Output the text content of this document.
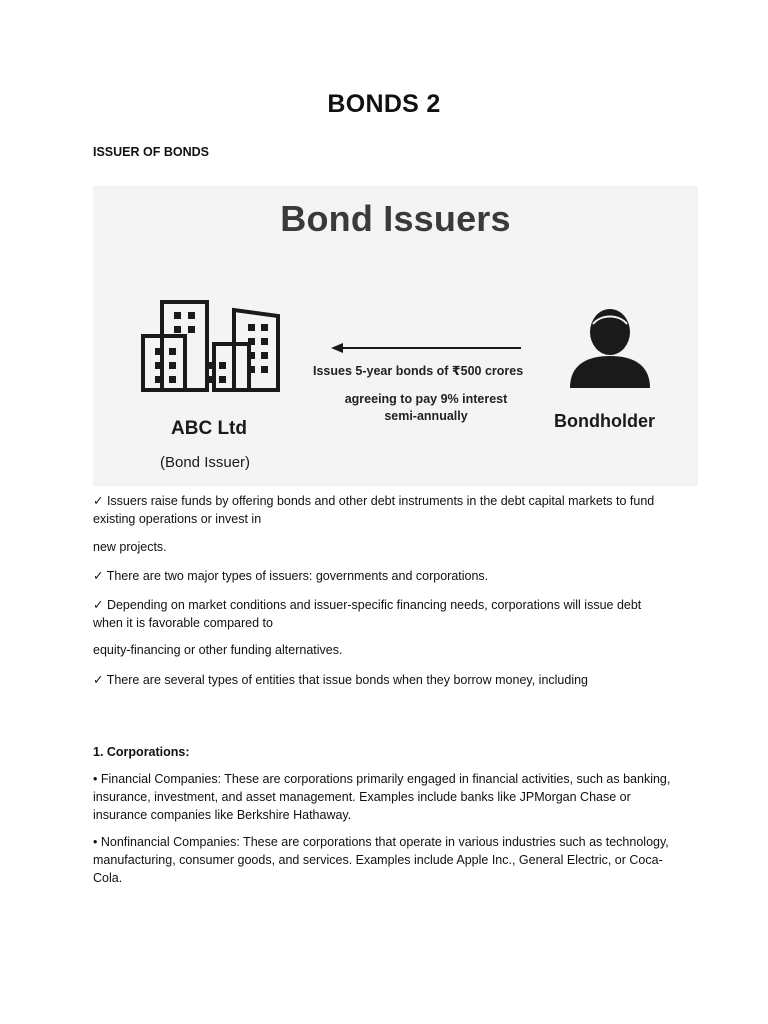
BONDS 2
ISSUER OF BONDS
Bond Issuers
ABC Ltd
(Bond Issuer)
Issues 5-year bonds of ₹500 crores
agreeing to pay 9% interest
semi-annually	Bondholder
✓ Issuers raise funds by offering bonds and other debt instruments in the debt capital markets to fund existing operations or invest in
new projects.
✓ There are two major types of issuers: governments and corporations.
✓ Depending on market conditions and issuer-specific financing needs, corporations will issue debt when it is favorable compared to
equity-financing or other funding alternatives.
✓ There are several types of entities that issue bonds when they borrow money, including
1. Corporations:
• Financial Companies: These are corporations primarily engaged in financial activities, such as banking, insurance, investment, and asset management. Examples include banks like JPMorgan Chase or insurance companies like Berkshire Hathaway.
• Nonfinancial Companies: These are corporations that operate in various industries such as technology, manufacturing, consumer goods, and services. Examples include Apple Inc., General Electric, or Coca-Cola.
